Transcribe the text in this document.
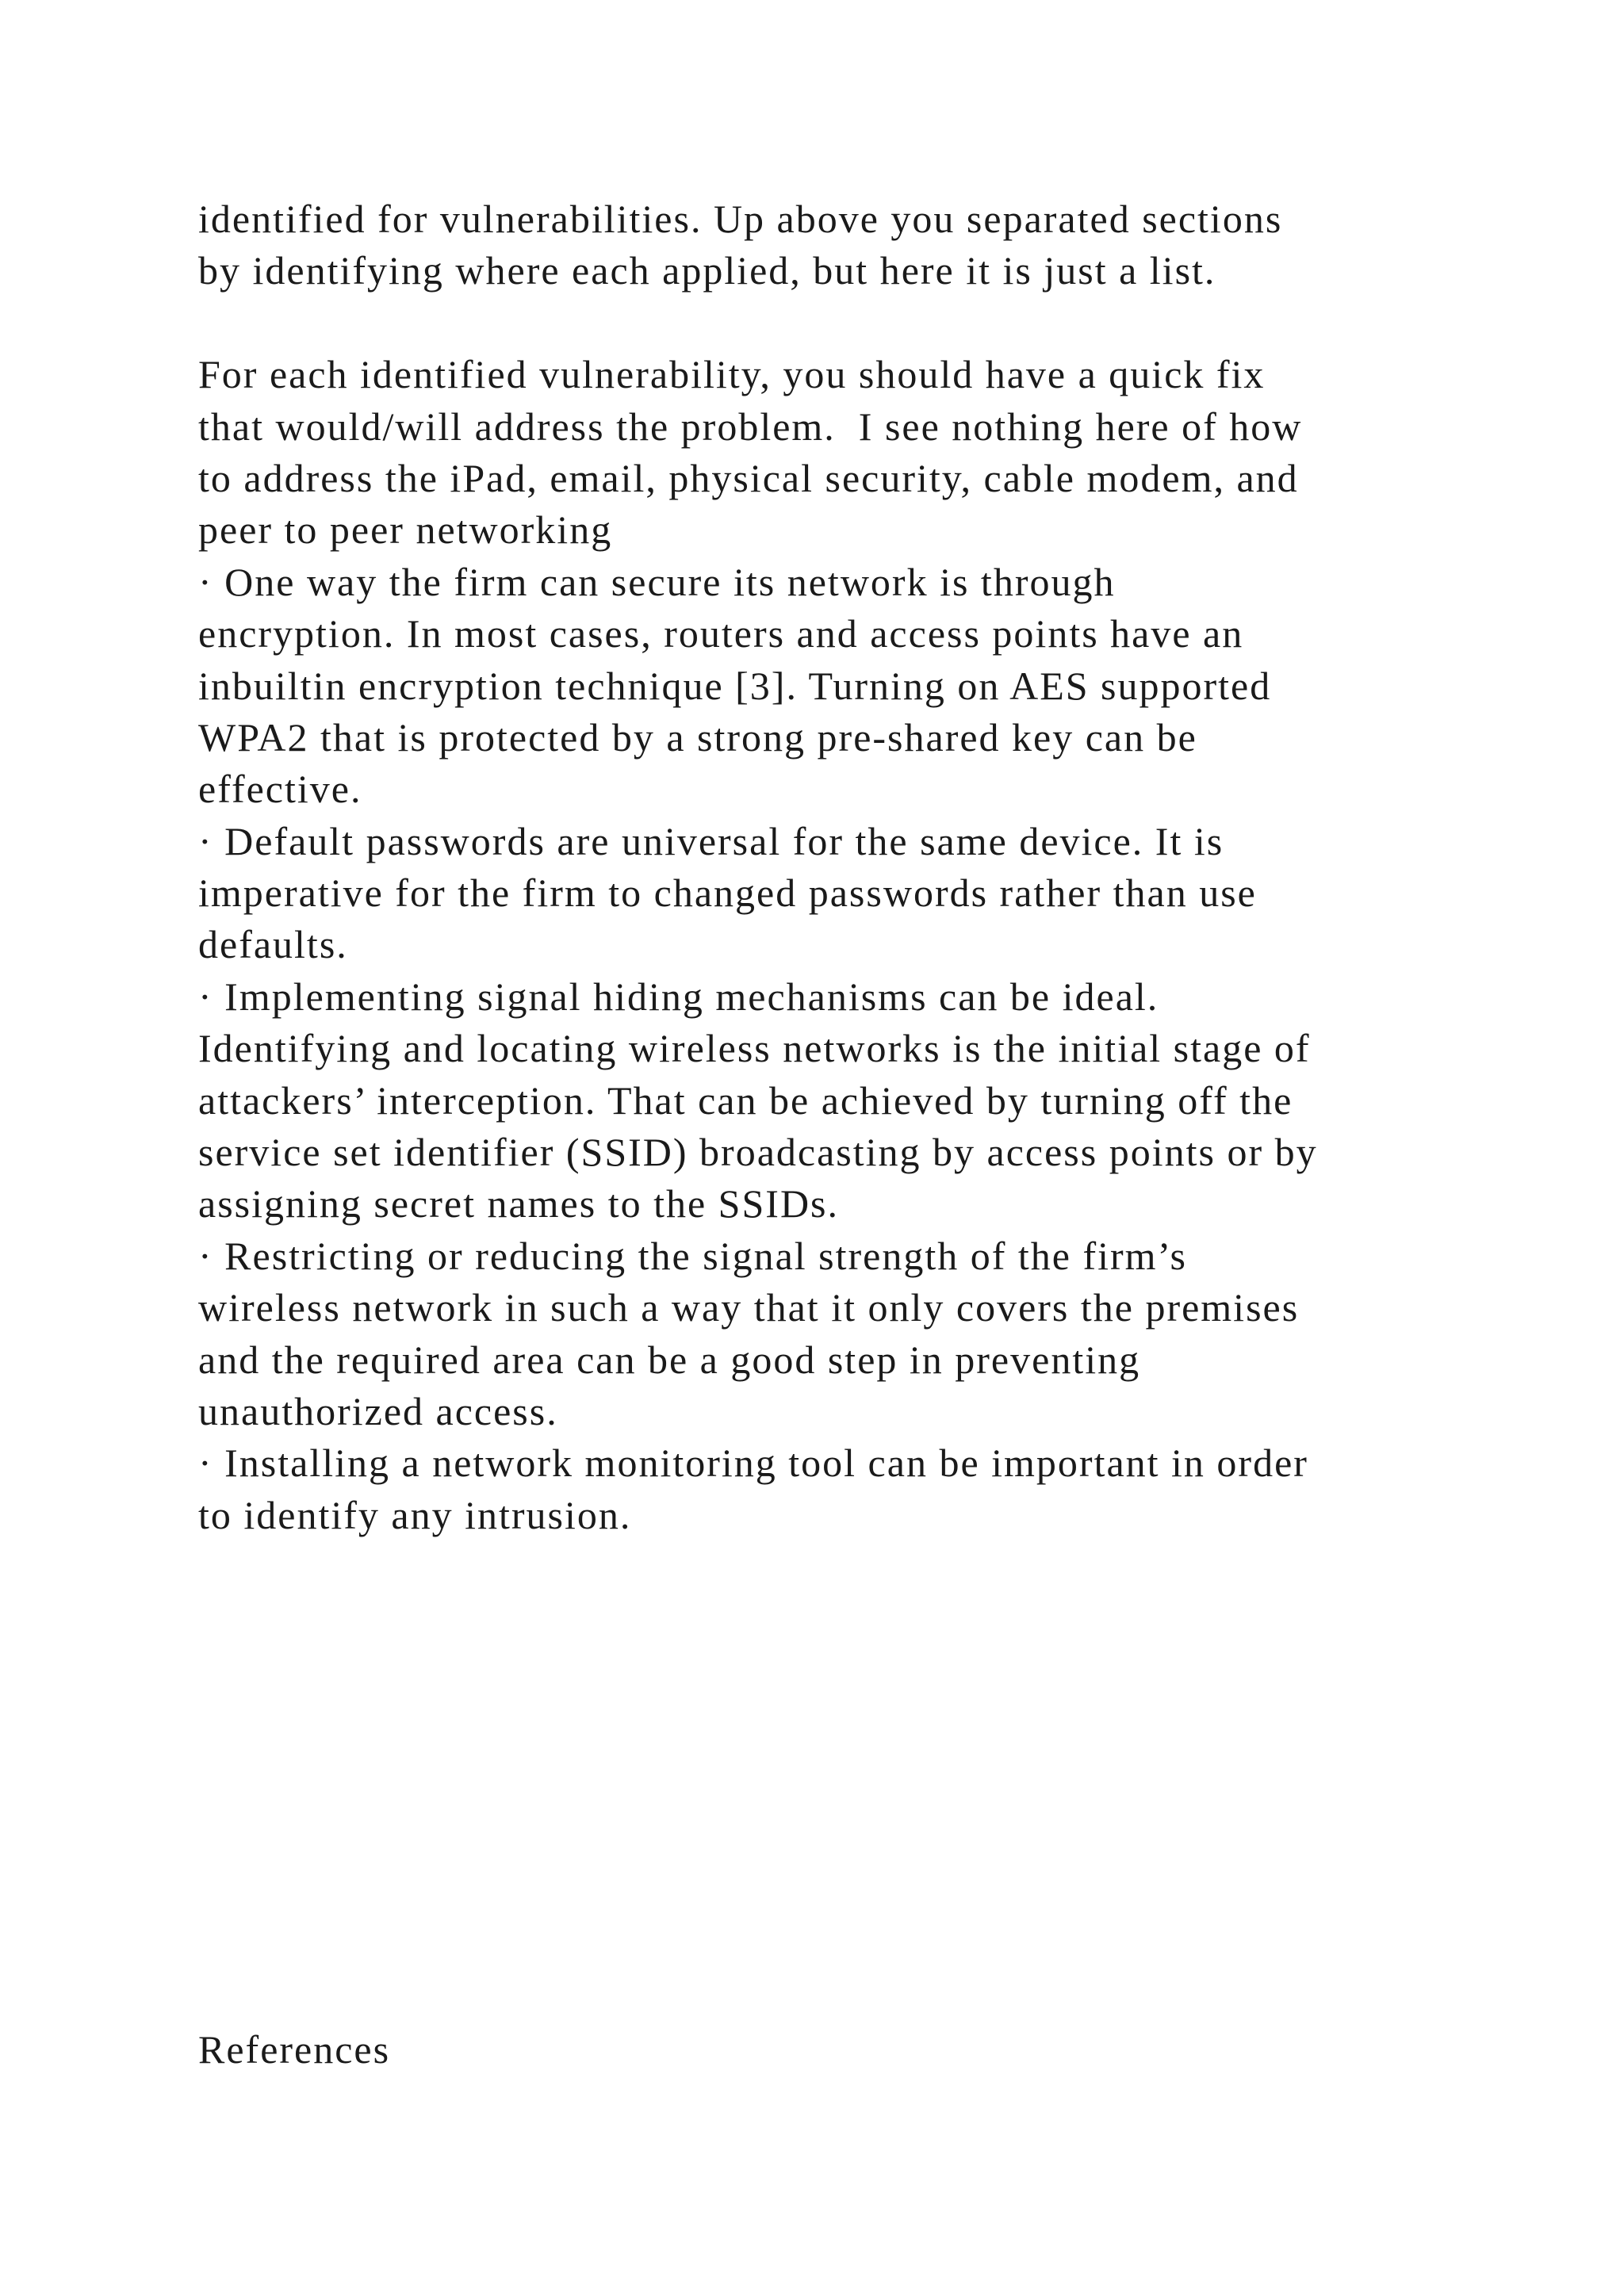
identified for vulnerabilities. Up above you separated sections
by identifying where each applied, but here it is just a list.
For each identified vulnerability, you should have a quick fix
that would/will address the problem.  I see nothing here of how
to address the iPad, email, physical security, cable modem, and
peer to peer networking
· One way the firm can secure its network is through
encryption. In most cases, routers and access points have an
inbuiltin encryption technique [3]. Turning on AES supported
WPA2 that is protected by a strong pre-shared key can be
effective.
· Default passwords are universal for the same device. It is
imperative for the firm to changed passwords rather than use
defaults.
· Implementing signal hiding mechanisms can be ideal.
Identifying and locating wireless networks is the initial stage of
attackers’ interception. That can be achieved by turning off the
service set identifier (SSID) broadcasting by access points or by
assigning secret names to the SSIDs.
· Restricting or reducing the signal strength of the firm’s
wireless network in such a way that it only covers the premises
and the required area can be a good step in preventing
unauthorized access.
· Installing a network monitoring tool can be important in order
to identify any intrusion.
References
